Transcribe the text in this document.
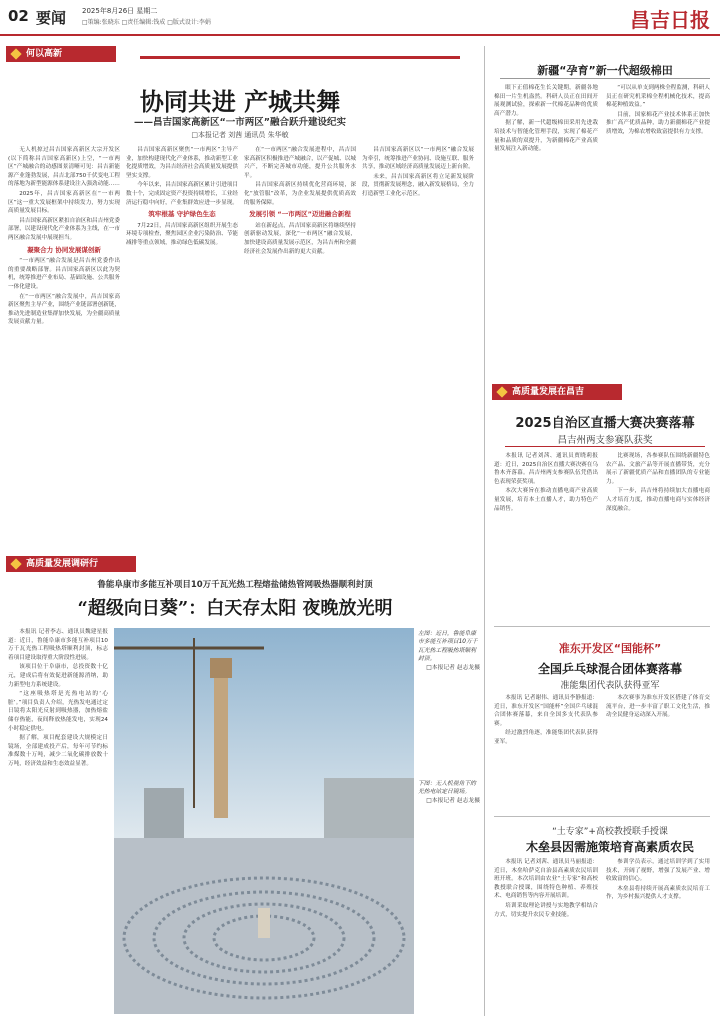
02 要闻 2025年8月26日 星期二
□策编:张晓东 □责任编辑:钱成 □版式设计:李娟	昌吉日报
何以高新
协同共进 产城共舞
——昌吉国家高新区“一市两区”融合跃升建设纪实
□本报记者 刘茜 通讯员 朱华敏

无人机掠过昌吉国家高新区大宗开发区(以下简称昌吉国家高新区)上空，“一市两区”产城融合的动感图景清晰可见：昌吉新能源产业蓬勃发展，昌吉北部750千伏变电工程的落地为新型能源体系建设注入强劲动能……

2025年，昌吉国家高新区在“一市两区”这一重大发展框架中持续发力，努力实现高质量发展目标。

昌吉国家高新区紧扣自治区和昌吉州党委部署，以建设现代化产业体系为主线，在一市两区融合发展中展现担当。

凝聚合力 协同发展谋创新

“一市两区”融合发展是昌吉州党委作出的重要战略部署。昌吉国家高新区以此为契机，统筹推进产业布局、基础设施、公共服务一体化建设。

在“一市两区”融合发展中，昌吉国家高新区聚焦主导产业，围绕产业链部署创新链，推动先进制造业集群加快发展，为全疆高质量发展贡献力量。

昌吉国家高新区聚焦“一市两区”主导产业，加快构建现代化产业体系，推动新型工业化提质增效，为昌吉经济社会高质量发展提供坚实支撑。

今年以来，昌吉国家高新区累计引进项目数十个，完成固定资产投资持续增长，工业经济运行稳中向好，产业集群效应进一步显现。

筑牢根基 守护绿色生态

7月22日，昌吉国家高新区组织开展生态环境专项检查，聚焦园区企业污染防治、节能减排等重点领域，推动绿色低碳发展。

在“一市两区”融合发展进程中，昌吉国家高新区积极推进产城融合，以产促城、以城兴产，不断完善城市功能，提升公共服务水平。

昌吉国家高新区持续优化营商环境，深化“放管服”改革，为企业发展提供优质高效的服务保障。

发展引领 “一市两区”迈进融合新程

站在新起点，昌吉国家高新区将继续坚持创新驱动发展，深化“一市两区”融合发展，加快建设高质量发展示范区，为昌吉州和全疆经济社会发展作出新的更大贡献。

昌吉国家高新区以“一市两区”融合发展为牵引，统筹推进产业协同、设施互联、服务共享，推动区域经济高质量发展迈上新台阶。

未来，昌吉国家高新区将立足新发展阶段，贯彻新发展理念，融入新发展格局，全力打造新型工业化示范区。

新疆“孕育”新一代超级棉田

眼下正值棉花生长关键期，新疆各地棉田一片生机盎然。科研人员正在田间开展观测试验，探索新一代棉花品种的优质高产潜力。

据了解，新一代超级棉田采用先进栽培技术与智能化管理手段，实现了棉花产量和品质的双提升，为新疆棉花产业高质量发展注入新动能。

“可以从单支到两株全程监测，科研人员正在研究机采棉全程机械化技术，提高棉花种植效益。”

目前，国家棉花产业技术体系正加快推广高产优质品种，助力新疆棉花产业提质增效，为棉农增收致富提供有力支撑。

高质量发展在昌吉
2025自治区直播大赛决赛落幕
昌吉州两支参赛队获奖

本报讯 记者刘茜、通讯员贾晓莉报道：近日，2025自治区直播大赛决赛在乌鲁木齐落幕。昌吉州两支参赛队伍凭借出色表现荣获奖项。

本次大赛旨在推动直播电商产业高质量发展，培育本土直播人才，助力特色产品销售。

比赛现场，各参赛队伍围绕新疆特色农产品、文旅产品等开展直播带货，充分展示了新疆优质产品和直播团队的专业能力。

下一步，昌吉州将持续加大直播电商人才培育力度，推动直播电商与实体经济深度融合。

准东开发区“国能杯”
全国乒乓球混合团体赛落幕
准能集团代表队获得亚军

本报讯 记者谢伟、通讯员李静报道：近日，准东开发区“国能杯”全国乒乓球混合团体赛落幕，来自全国多支代表队参赛。

经过激烈角逐，准能集团代表队获得亚军。

本次赛事为准东开发区搭建了体育交流平台，进一步丰富了职工文化生活，推动全民健身运动深入开展。

“土专家”+高校教授联手授课
木垒县因需施策培育高素质农民

本报讯 记者刘茜、通讯员马丽报道：近日，木垒哈萨克自治县高素质农民培训班开班。本次培训由农业“土专家”和高校教授联合授课，围绕特色种植、养殖技术、电商销售等内容开展培训。

培训采取理论讲授与实地教学相结合方式，切实提升农民专业技能。

参训学员表示，通过培训学到了实用技术，开阔了视野，增强了发展产业、增收致富的信心。

木垒县将持续开展高素质农民培育工作，为乡村振兴提供人才支撑。

高质量发展调研行
鲁能阜康市多能互补项目10万千瓦光热工程熔盐储热管网吸热器顺利封顶
“超级向日葵”：白天存太阳 夜晚放光明

本报讯 记者李志、通讯员魏建星报道：近日，鲁能阜康市多能互补项目10万千瓦光热工程吸热塔顺利封顶，标志着项目建设取得重大阶段性进展。

该项目位于阜康市，总投资数十亿元，建成后将有效促进新能源消纳，助力新型电力系统建设。

“这座吸热塔是光热电站的‘心脏’。”项目负责人介绍，光热发电通过定日镜将太阳光反射到吸热器，加热熔盐储存热能，夜间释放热能发电，实现24小时稳定供电。

据了解，项目配套建设大规模定日镜场，全部建成投产后，每年可节约标准煤数十万吨，减少二氧化碳排放数十万吨，经济效益和生态效益显著。

左图：近日，鲁能阜康市多能互补项目10万千瓦光热工程吸热塔顺利封顶。
□本报记者 赵志龙摄
下图：无人机视角下的光热电站定日镜场。
□本报记者 赵志龙摄
